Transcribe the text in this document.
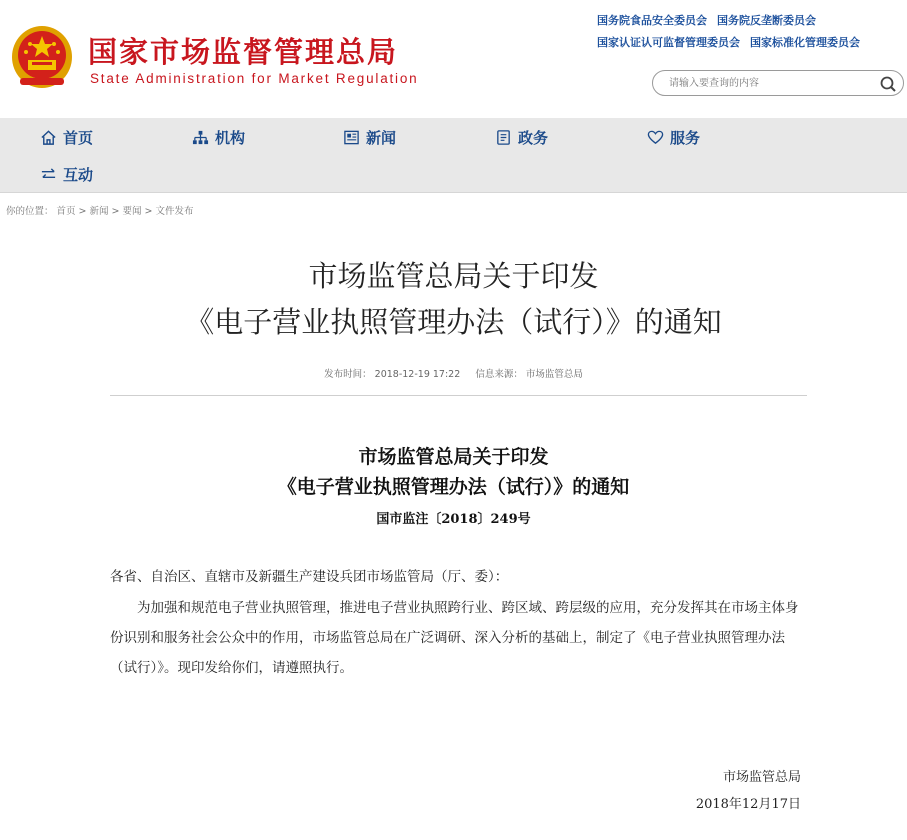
国家市场监督管理总局
State Administration for Market Regulation
国务院食品安全委员会 国务院反垄断委员会
国家认证认可监督管理委员会 国家标准化管理委员会
请输入要查询的内容
首页	机构	新闻	政务	服务
互动
你的位置： 首页 > 新闻 > 要闻 > 文件发布
市场监管总局关于印发
《电子营业执照管理办法（试行）》的通知
发布时间： 2018-12-19 17:22 信息来源： 市场监管总局
市场监管总局关于印发
《电子营业执照管理办法（试行）》的通知
国市监注〔2018〕249号
各省、自治区、直辖市及新疆生产建设兵团市场监管局（厅、委）：
为加强和规范电子营业执照管理，推进电子营业执照跨行业、跨区域、跨层级的应用，充分发挥其在市场主体身份识别和服务社会公众中的作用，市场监管总局在广泛调研、深入分析的基础上，制定了《电子营业执照管理办法（试行）》。现印发给你们，请遵照执行。
市场监管总局
2018年12月17日
